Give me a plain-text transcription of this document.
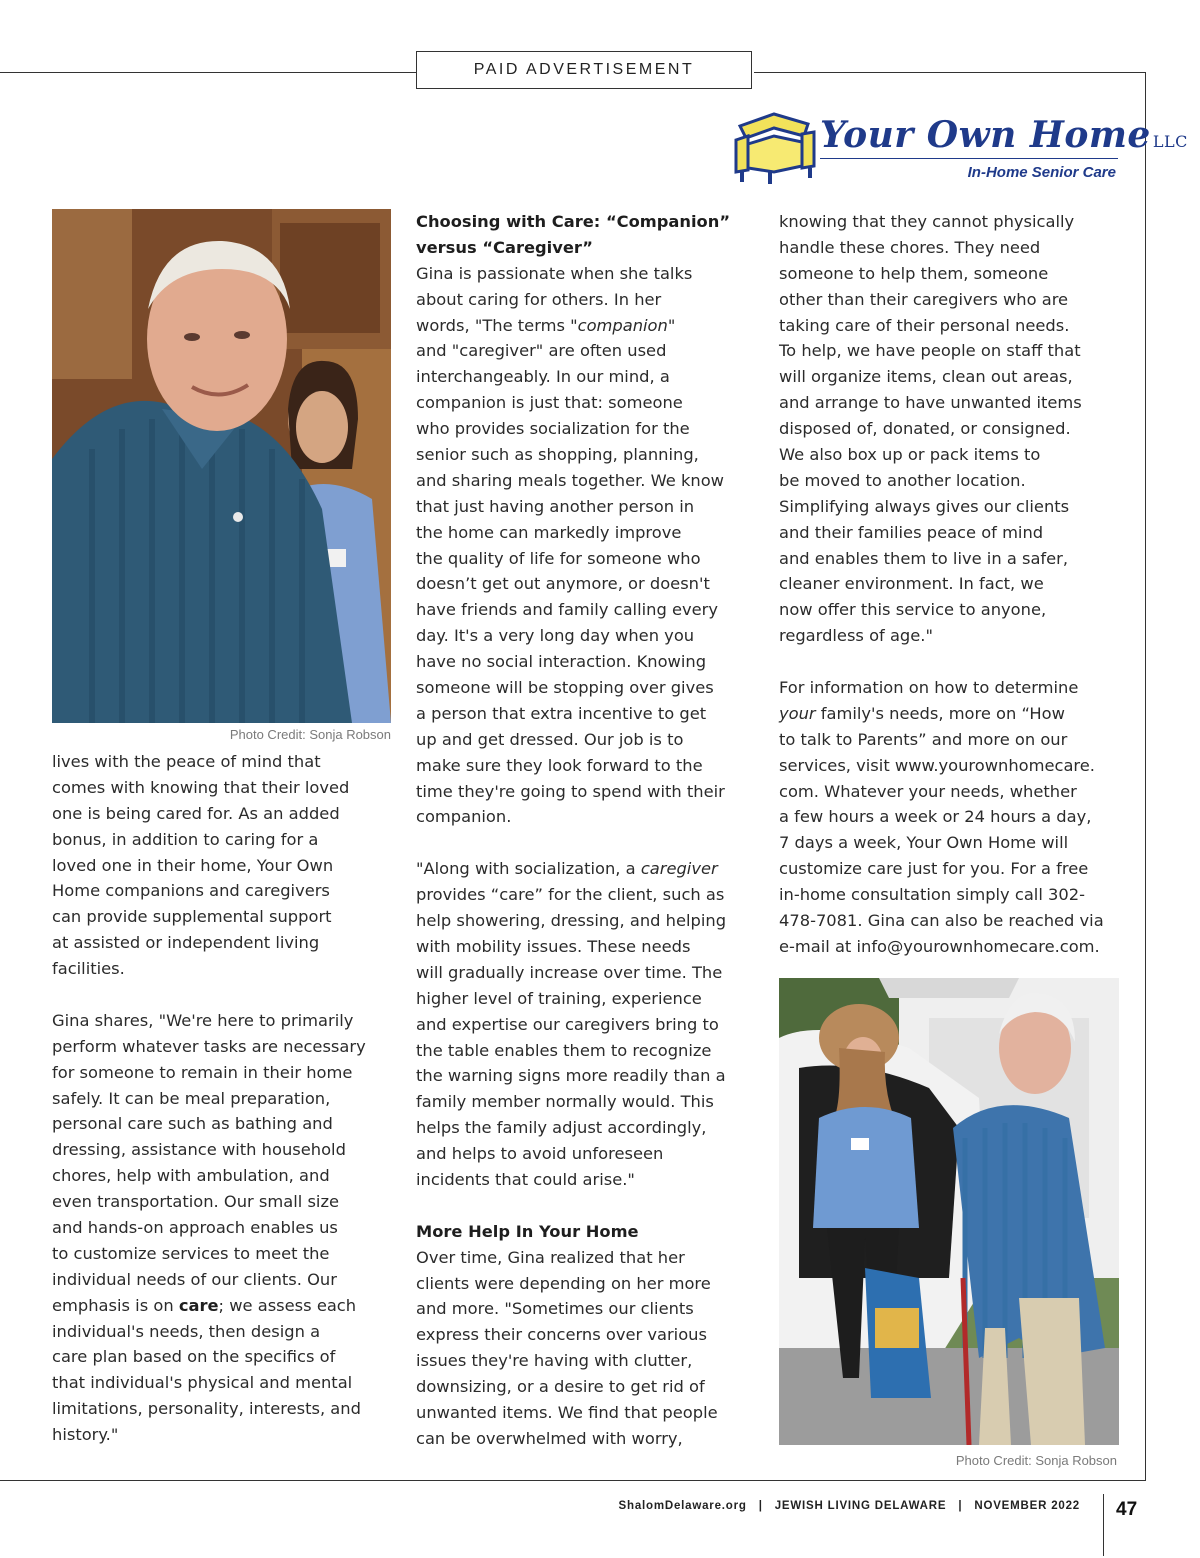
PAID ADVERTISEMENT
Your Own Home LLC
In-Home Senior Care
Photo Credit: Sonja Robson
Photo Credit: Sonja Robson
lives with the peace of mind that
comes with knowing that their loved
one is being cared for. As an added
bonus, in addition to caring for a
loved one in their home, Your Own
Home companions and caregivers
can provide supplemental support
at assisted or independent living
facilities.
Gina shares, "We're here to primarily
perform whatever tasks are necessary
for someone to remain in their home
safely. It can be meal preparation,
personal care such as bathing and
dressing, assistance with household
chores, help with ambulation, and
even transportation. Our small size
and hands-on approach enables us
to customize services to meet the
individual needs of our clients. Our
emphasis is on care; we assess each
individual's needs, then design a
care plan based on the specifics of
that individual's physical and mental
limitations, personality, interests, and
history."
Choosing with Care: “Companion”
versus “Caregiver”
Gina is passionate when she talks
about caring for others. In her
words, "The terms "companion"
and "caregiver" are often used
interchangeably. In our mind, a
companion is just that: someone
who provides socialization for the
senior such as shopping, planning,
and sharing meals together. We know
that just having another person in
the home can markedly improve
the quality of life for someone who
doesn’t get out anymore, or doesn't
have friends and family calling every
day. It's a very long day when you
have no social interaction. Knowing
someone will be stopping over gives
a person that extra incentive to get
up and get dressed. Our job is to
make sure they look forward to the
time they're going to spend with their
companion.
"Along with socialization, a caregiver
provides “care” for the client, such as
help showering, dressing, and helping
with mobility issues. These needs
will gradually increase over time. The
higher level of training, experience
and expertise our caregivers bring to
the table enables them to recognize
the warning signs more readily than a
family member normally would. This
helps the family adjust accordingly,
and helps to avoid unforeseen
incidents that could arise."
More Help In Your Home
Over time, Gina realized that her
clients were depending on her more
and more. "Sometimes our clients
express their concerns over various
issues they're having with clutter,
downsizing, or a desire to get rid of
unwanted items. We find that people
can be overwhelmed with worry,
knowing that they cannot physically
handle these chores. They need
someone to help them, someone
other than their caregivers who are
taking care of their personal needs.
To help, we have people on staff that
will organize items, clean out areas,
and arrange to have unwanted items
disposed of, donated, or consigned.
We also box up or pack items to
be moved to another location.
Simplifying always gives our clients
and their families peace of mind
and enables them to live in a safer,
cleaner environment. In fact, we
now offer this service to anyone,
regardless of age."
For information on how to determine
your family's needs, more on “How
to talk to Parents” and more on our
services, visit www.yourownhomecare.
com. Whatever your needs, whether
a few hours a week or 24 hours a day,
7 days a week, Your Own Home will
customize care just for you. For a free
in-home consultation simply call 302-
478-7081. Gina can also be reached via
e-mail at info@yourownhomecare.com.
ShalomDelaware.org | JEWISH LIVING DELAWARE | NOVEMBER 2022 47
